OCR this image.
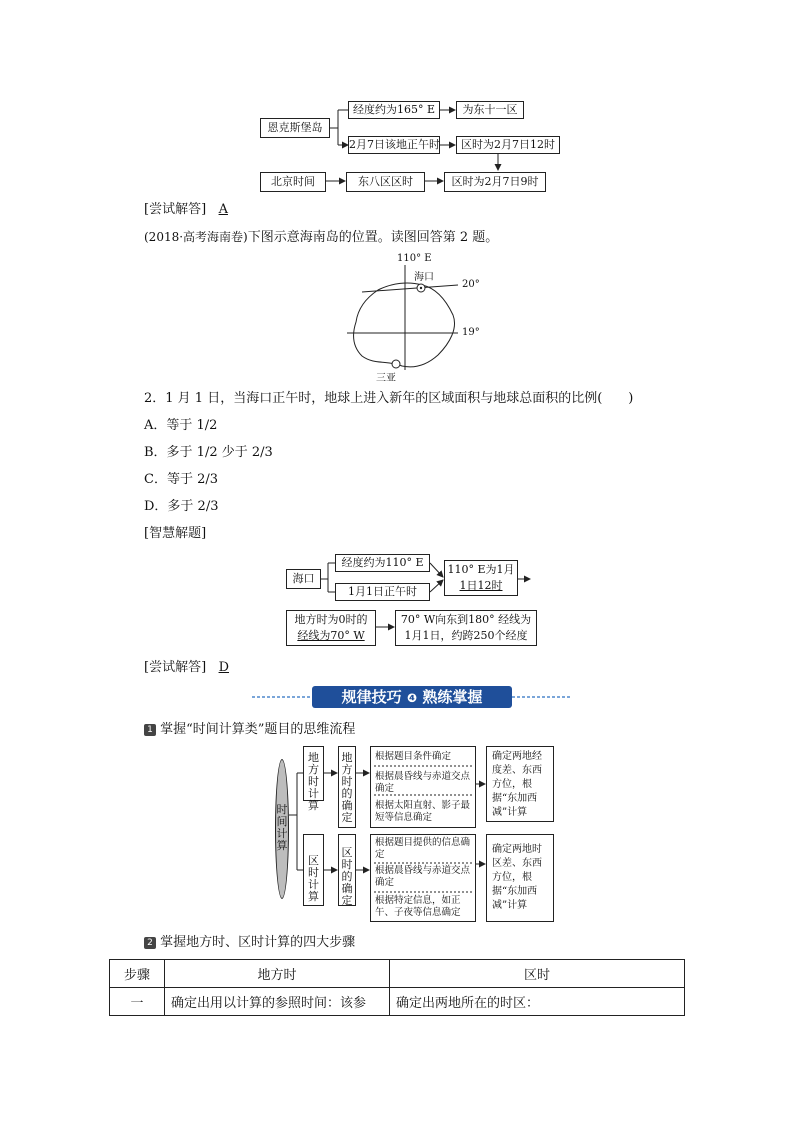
恩克斯堡岛
经度约为165° E	为东十一区
2月7日该地正午时	区时为2月7日12时
北京时间	东八区区时	区时为2月7日9时
[尝试解答] A
(2018·高考海南卷)下图示意海南岛的位置。读图回答第 2 题。
110° E
海口
20°
19°
三亚
2．1 月 1 日，当海口正午时，地球上进入新年的区域面积与地球总面积的比例(　　)
A．等于 1/2
B．多于 1/2 少于 2/3
C．等于 2/3
D．多于 2/3
[智慧解题]
海口
经度约为110° E
1月1日正午时
110° E为1月
1日12时
地方时为0时的
经线为70° W
70° W向东到180° 经线为
1月1日，约跨250个经度
[尝试解答] D
规律技巧 ❹ 熟练掌握
1 掌握“时间计算类”题目的思维流程
时间计算
地方时计算
地方时的确定
区时计算
区时的确定
根据题目条件确定
根据晨昏线与赤道交点确定
根据太阳直射、影子最短等信息确定
根据题目提供的信息确定
根据晨昏线与赤道交点确定
根据特定信息，如正午、子夜等信息确定
确定两地经度差、东西方位，根据“东加西减”计算
确定两地时区差、东西方位，根据“东加西减”计算
2 掌握地方时、区时计算的四大步骤
步骤	地方时	区时
一	确定出用以计算的参照时间：该参	确定出两地所在的时区：
